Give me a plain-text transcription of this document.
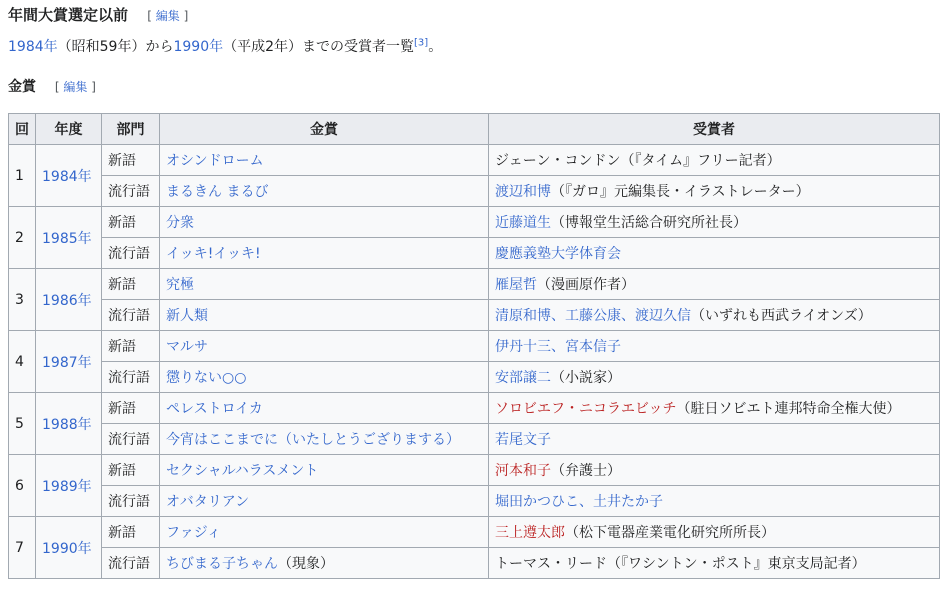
年間大賞選定以前 [ 編集 ]
1984年（昭和59年）から1990年（平成2年）までの受賞者一覧[3]。
金賞 [ 編集 ]
回	年度	部門	金賞	受賞者
1	1984年	新語	オシンドローム	ジェーン・コンドン（『タイム』フリー記者）
		流行語	まるきん まるび	渡辺和博（『ガロ』元編集長・イラストレーター）
2	1985年	新語	分衆	近藤道生（博報堂生活総合研究所社長）
		流行語	イッキ!イッキ!	慶應義塾大学体育会
3	1986年	新語	究極	雁屋哲（漫画原作者）
		流行語	新人類	清原和博、工藤公康、渡辺久信（いずれも西武ライオンズ）
4	1987年	新語	マルサ	伊丹十三、宮本信子
		流行語	懲りない○○	安部譲二（小説家）
5	1988年	新語	ペレストロイカ	ソロビエフ・ニコラエビッチ（駐日ソビエト連邦特命全権大使）
		流行語	今宵はここまでに（いたしとうござりまする）	若尾文子
6	1989年	新語	セクシャルハラスメント	河本和子（弁護士）
		流行語	オバタリアン	堀田かつひこ、土井たか子
7	1990年	新語	ファジィ	三上遵太郎（松下電器産業電化研究所所長）
		流行語	ちびまる子ちゃん（現象）	トーマス・リード（『ワシントン・ポスト』東京支局記者）
